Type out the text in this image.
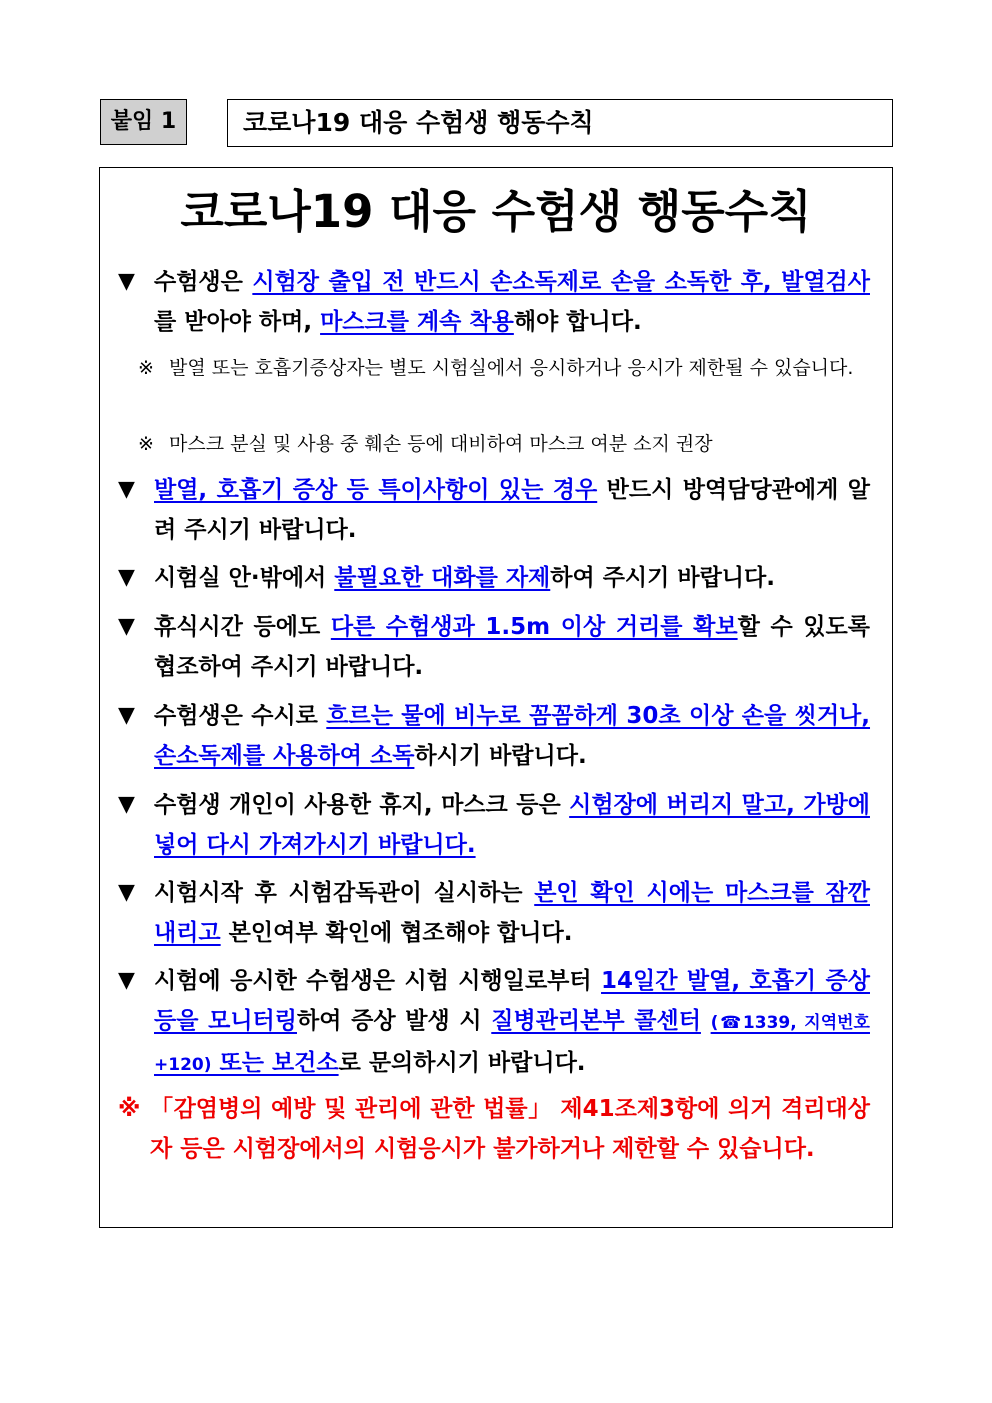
붙임 1	코로나19 대응 수험생 행동수칙
코로나19 대응 수험생 행동수칙
▼ 수험생은 시험장 출입 전 반드시 손소독제로 손을 소독한 후, 발열검사를 받아야 하며, 마스크를 계속 착용해야 합니다.
※ 발열 또는 호흡기증상자는 별도 시험실에서 응시하거나 응시가 제한될 수 있습니다.
※ 마스크 분실 및 사용 중 훼손 등에 대비하여 마스크 여분 소지 권장
▼ 발열, 호흡기 증상 등 특이사항이 있는 경우 반드시 방역담당관에게 알려 주시기 바랍니다.
▼ 시험실 안·밖에서 불필요한 대화를 자제하여 주시기 바랍니다.
▼ 휴식시간 등에도 다른 수험생과 1.5m 이상 거리를 확보할 수 있도록 협조하여 주시기 바랍니다.
▼ 수험생은 수시로 흐르는 물에 비누로 꼼꼼하게 30초 이상 손을 씻거나, 손소독제를 사용하여 소독하시기 바랍니다.
▼ 수험생 개인이 사용한 휴지, 마스크 등은 시험장에 버리지 말고, 가방에 넣어 다시 가져가시기 바랍니다.
▼ 시험시작 후 시험감독관이 실시하는 본인 확인 시에는 마스크를 잠깐 내리고 본인여부 확인에 협조해야 합니다.
▼ 시험에 응시한 수험생은 시험 시행일로부터 14일간 발열, 호흡기 증상 등을 모니터링하여 증상 발생 시 질병관리본부 콜센터 (☎1339, 지역번호+120) 또는 보건소로 문의하시기 바랍니다.
※ 「감염병의 예방 및 관리에 관한 법률」 제41조제3항에 의거 격리대상자 등은 시험장에서의 시험응시가 불가하거나 제한할 수 있습니다.
